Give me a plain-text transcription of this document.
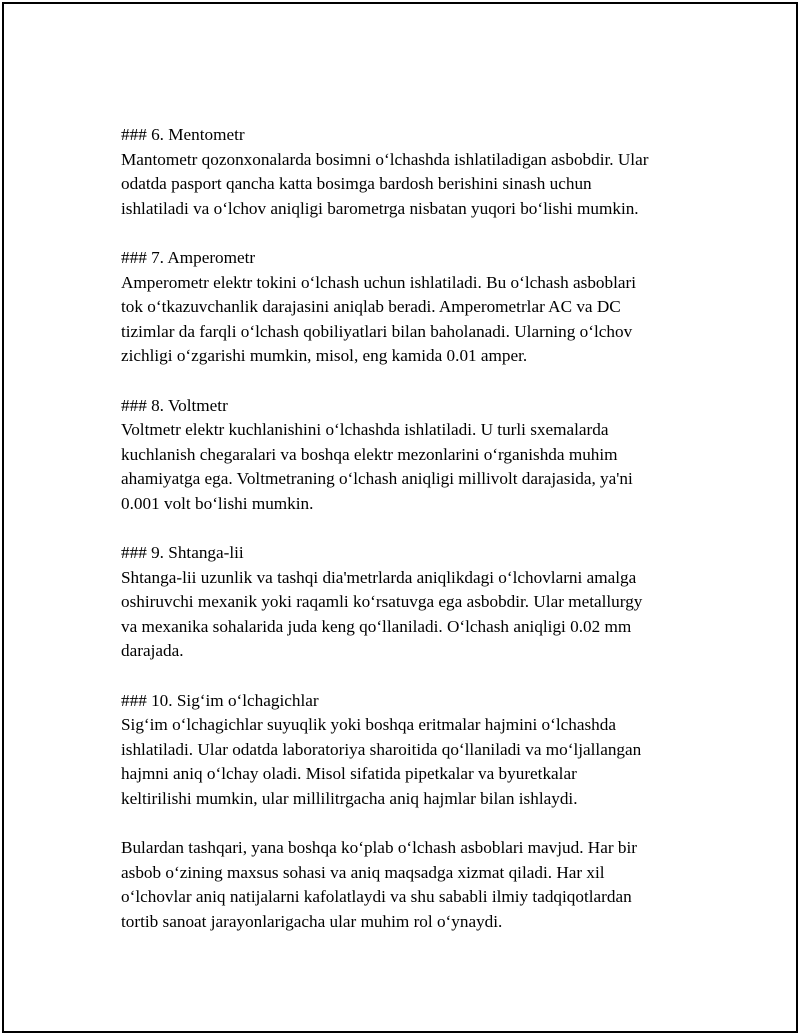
### 6. Mentometr

Mantometr qozonxonalarda bosimni o‘lchashda ishlatiladigan asbobdir. Ular
odatda pasport qancha katta bosimga bardosh berishini sinash uchun
ishlatiladi va o‘lchov aniqligi barometrga nisbatan yuqori bo‘lishi mumkin.

### 7. Amperometr

Amperometr elektr tokini o‘lchash uchun ishlatiladi. Bu o‘lchash asboblari
tok o‘tkazuvchanlik darajasini aniqlab beradi. Amperometrlar AC va DC
tizimlar da farqli o‘lchash qobiliyatlari bilan baholanadi. Ularning o‘lchov
zichligi o‘zgarishi mumkin, misol, eng kamida 0.01 amper.

### 8. Voltmetr

Voltmetr elektr kuchlanishini o‘lchashda ishlatiladi. U turli sxemalarda
kuchlanish chegaralari va boshqa elektr mezonlarini o‘rganishda muhim
ahamiyatga ega. Voltmetraning o‘lchash aniqligi millivolt darajasida, ya'ni
0.001 volt bo‘lishi mumkin.

### 9. Shtanga-lii

Shtanga-lii uzunlik va tashqi dia'metrlarda aniqlikdagi o‘lchovlarni amalga
oshiruvchi mexanik yoki raqamli ko‘rsatuvga ega asbobdir. Ular metallurgy
va mexanika sohalarida juda keng qo‘llaniladi. O‘lchash aniqligi 0.02 mm
darajada.

### 10. Sig‘im o‘lchagichlar

Sig‘im o‘lchagichlar suyuqlik yoki boshqa eritmalar hajmini o‘lchashda
ishlatiladi. Ular odatda laboratoriya sharoitida qo‘llaniladi va mo‘ljallangan
hajmni aniq o‘lchay oladi. Misol sifatida pipetkalar va byuretkalar
keltirilishi mumkin, ular millilitrgacha aniq hajmlar bilan ishlaydi.

Bulardan tashqari, yana boshqa ko‘plab o‘lchash asboblari mavjud. Har bir
asbob o‘zining maxsus sohasi va aniq maqsadga xizmat qiladi. Har xil
o‘lchovlar aniq natijalarni kafolatlaydi va shu sababli ilmiy tadqiqotlardan
tortib sanoat jarayonlarigacha ular muhim rol o‘ynaydi.
